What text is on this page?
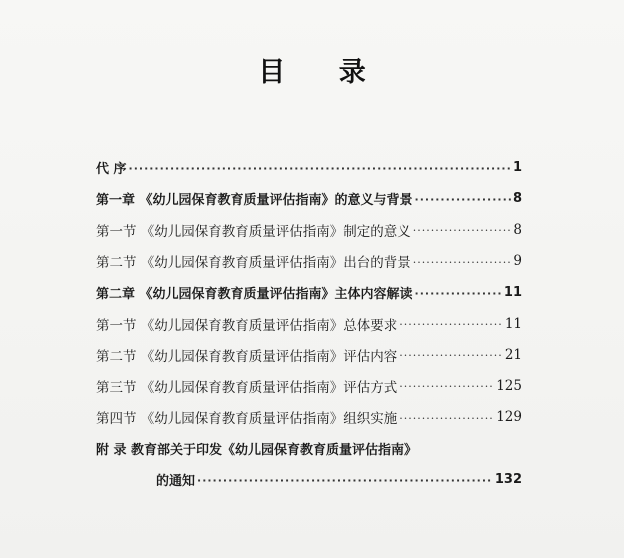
目 录
代 序 ·····	1
第一章 《幼儿园保育教育质量评估指南》的意义与背景 ·····	8
第一节 《幼儿园保育教育质量评估指南》制定的意义 ·····	8
第二节 《幼儿园保育教育质量评估指南》出台的背景 ·····	9
第二章 《幼儿园保育教育质量评估指南》主体内容解读 ·····	11
第一节 《幼儿园保育教育质量评估指南》总体要求 ·····	11
第二节 《幼儿园保育教育质量评估指南》评估内容 ·····	21
第三节 《幼儿园保育教育质量评估指南》评估方式 ·····	125
第四节 《幼儿园保育教育质量评估指南》组织实施 ·····	129
附 录 教育部关于印发《幼儿园保育教育质量评估指南》
的通知 ·····	132
